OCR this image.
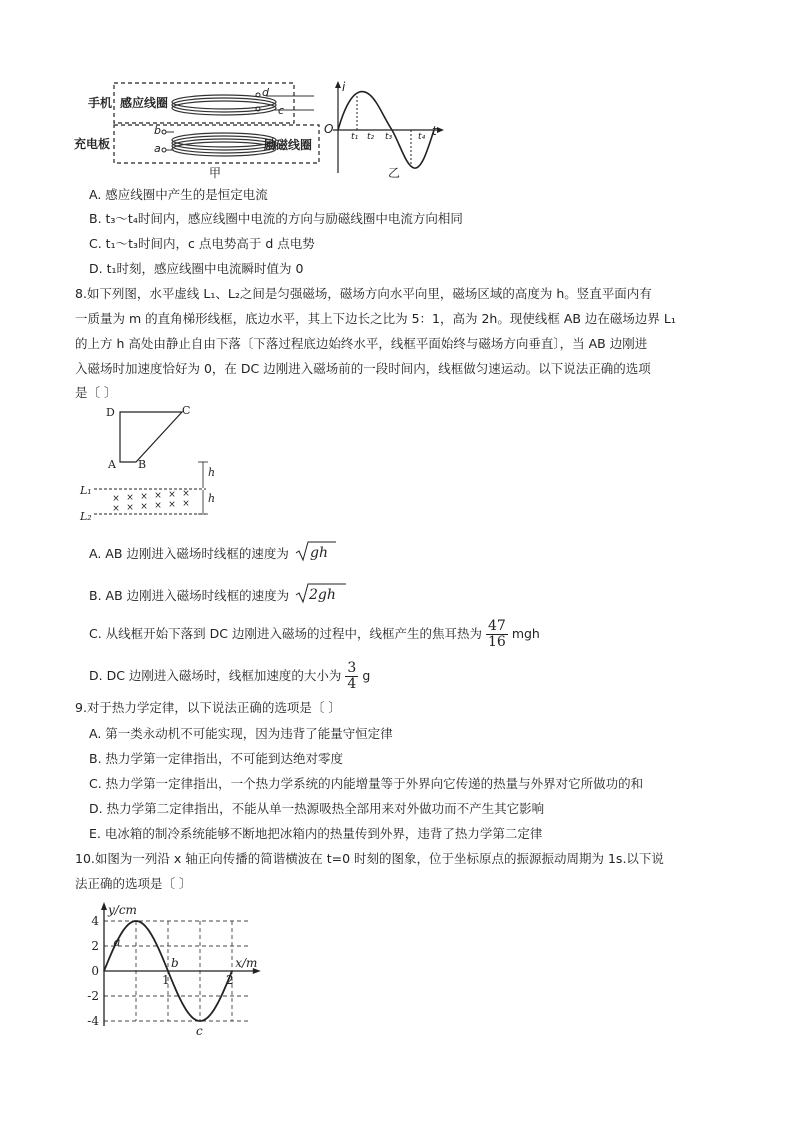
手机 感应线圈
d
c
充电板
b
a	励磁线圈
甲
i
O
t₁ t₂ t₃	t₄ t
乙
A. 感应线圈中产生的是恒定电流
B. t₃～t₄时间内，感应线圈中电流的方向与励磁线圈中电流方向相同
C. t₁～t₃时间内，c 点电势高于 d 点电势
D. t₁时刻，感应线圈中电流瞬时值为 0
8.如下列图，水平虚线 L₁、L₂之间是匀强磁场，磁场方向水平向里，磁场区域的高度为 h。竖直平面内有
一质量为 m 的直角梯形线框，底边水平，其上下边长之比为 5：1，高为 2h。现使线框 AB 边在磁场边界 L₁
的上方 h 高处由静止自由下落〔下落过程底边始终水平，线框平面始终与磁场方向垂直〕，当 AB 边刚进
入磁场时加速度恰好为 0，在 DC 边刚进入磁场前的一段时间内，线框做匀速运动。以下说法正确的选项
是〔 〕
× × × × × ×
× × × × × ×
D	C
A B
h
h
L₁
L₂
A. AB 边刚进入磁场时线框的速度为 gh
B. AB 边刚进入磁场时线框的速度为 2gh
C. 从线框开始下落到 DC 边刚进入磁场的过程中，线框产生的焦耳热为 $\frac{47}{16}$ mgh
D. DC 边刚进入磁场时，线框加速度的大小为 $\frac{3}{4}$ g
9.对于热力学定律，以下说法正确的选项是〔 〕
A. 第一类永动机不可能实现，因为违背了能量守恒定律
B. 热力学第一定律指出，不可能到达绝对零度
C. 热力学第一定律指出，一个热力学系统的内能增量等于外界向它传递的热量与外界对它所做功的和
D. 热力学第二定律指出，不能从单一热源吸热全部用来对外做功而不产生其它影响
E. 电冰箱的制冷系统能够不断地把冰箱内的热量传到外界，违背了热力学第二定律
10.如图为一列沿 x 轴正向传播的简谐横波在 t=0 时刻的图象，位于坐标原点的振源振动周期为 1s.以下说
法正确的选项是〔 〕
4
2
0
-2
-4
1	2
y/cm
x/m
a
b
c
